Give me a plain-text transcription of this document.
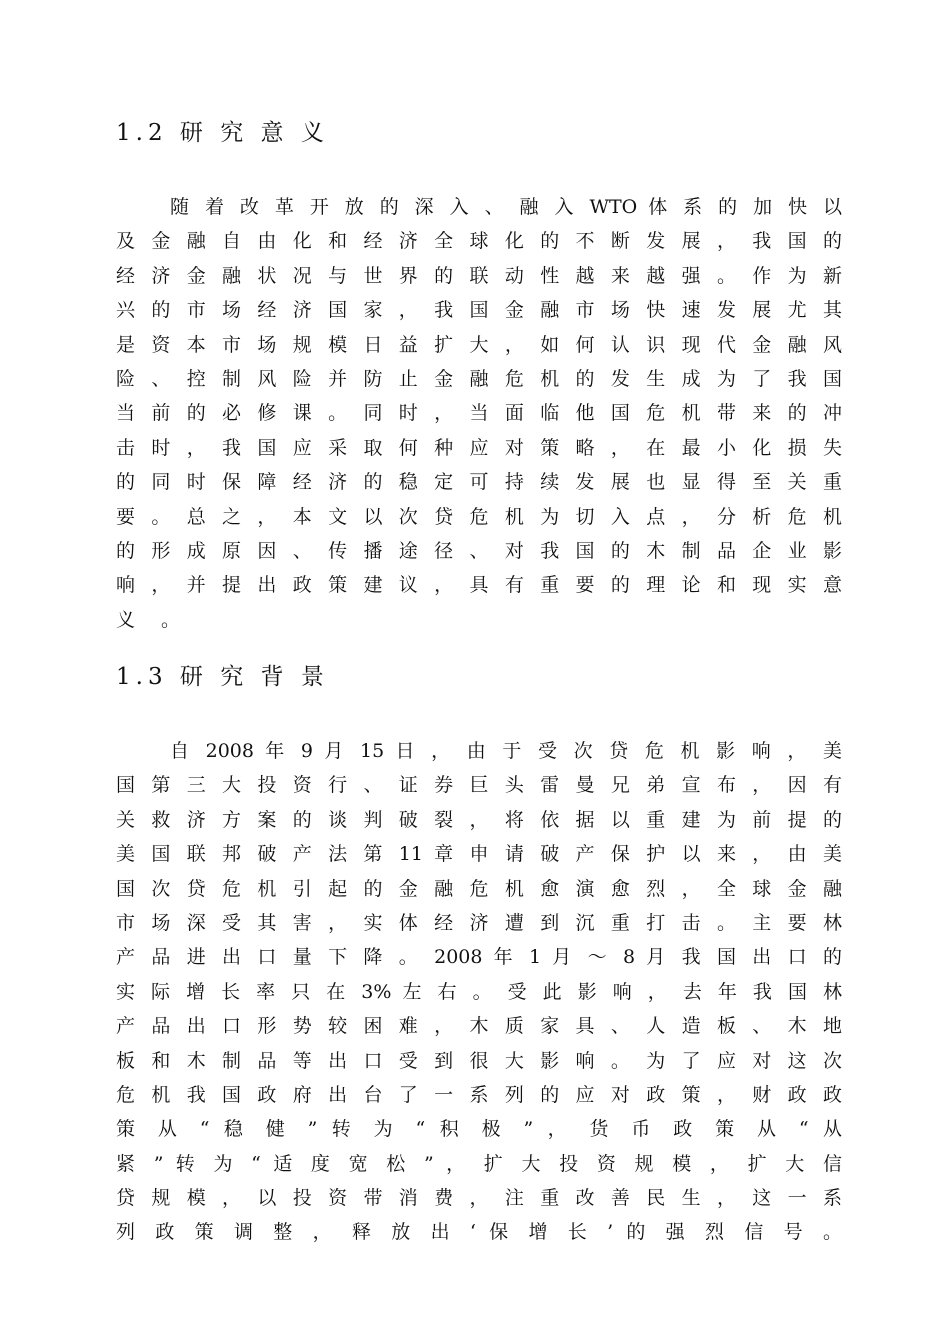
1.2 研 究 意 义
随 着 改 革 开 放 的 深 入 、 融 入 WTO 体 系 的 加 快 以
及 金 融 自 由 化 和 经 济 全 球 化 的 不 断 发 展 ， 我 国 的
经 济 金 融 状 况 与 世 界 的 联 动 性 越 来 越 强 。 作 为 新
兴 的 市 场 经 济 国 家 ， 我 国 金 融 市 场 快 速 发 展 尤 其
是 资 本 市 场 规 模 日 益 扩 大 ， 如 何 认 识 现 代 金 融 风
险 、 控 制 风 险 并 防 止 金 融 危 机 的 发 生 成 为 了 我 国
当 前 的 必 修 课 。 同 时 ， 当 面 临 他 国 危 机 带 来 的 冲
击 时 ， 我 国 应 采 取 何 种 应 对 策 略 ， 在 最 小 化 损 失
的 同 时 保 障 经 济 的 稳 定 可 持 续 发 展 也 显 得 至 关 重
要 。 总 之 ， 本 文 以 次 贷 危 机 为 切 入 点 ， 分 析 危 机
的 形 成 原 因 、 传 播 途 径 、 对 我 国 的 木 制 品 企 业 影
响 ， 并 提 出 政 策 建 议 ， 具 有 重 要 的 理 论 和 现 实 意
义 。
1.3 研 究 背 景
自 2008 年 9 月 15 日 ， 由 于 受 次 贷 危 机 影 响 ， 美
国 第 三 大 投 资 行 、 证 券 巨 头 雷 曼 兄 弟 宣 布 ， 因 有
关 救 济 方 案 的 谈 判 破 裂 ， 将 依 据 以 重 建 为 前 提 的
美 国 联 邦 破 产 法 第 11 章 申 请 破 产 保 护 以 来 ， 由 美
国 次 贷 危 机 引 起 的 金 融 危 机 愈 演 愈 烈 ， 全 球 金 融
市 场 深 受 其 害 ， 实 体 经 济 遭 到 沉 重 打 击 。 主 要 林
产 品 进 出 口 量 下 降 。 2008 年 1 月 ～ 8 月 我 国 出 口 的
实 际 增 长 率 只 在 3% 左 右 。 受 此 影 响 ， 去 年 我 国 林
产 品 出 口 形 势 较 困 难 ， 木 质 家 具 、 人 造 板 、 木 地
板 和 木 制 品 等 出 口 受 到 很 大 影 响 。 为 了 应 对 这 次
危 机 我 国 政 府 出 台 了 一 系 列 的 应 对 政 策 ， 财 政 政
策 从 “ 稳 健 ” 转 为 “ 积 极 ” ， 货 币 政 策 从 “ 从
紧 ” 转 为 “ 适 度 宽 松 ” ， 扩 大 投 资 规 模 ， 扩 大 信
贷 规 模 ， 以 投 资 带 消 费 ， 注 重 改 善 民 生 ， 这 一 系
列 政 策 调 整 ， 释 放 出 ‘ 保 增 长 ’ 的 强 烈 信 号 。
